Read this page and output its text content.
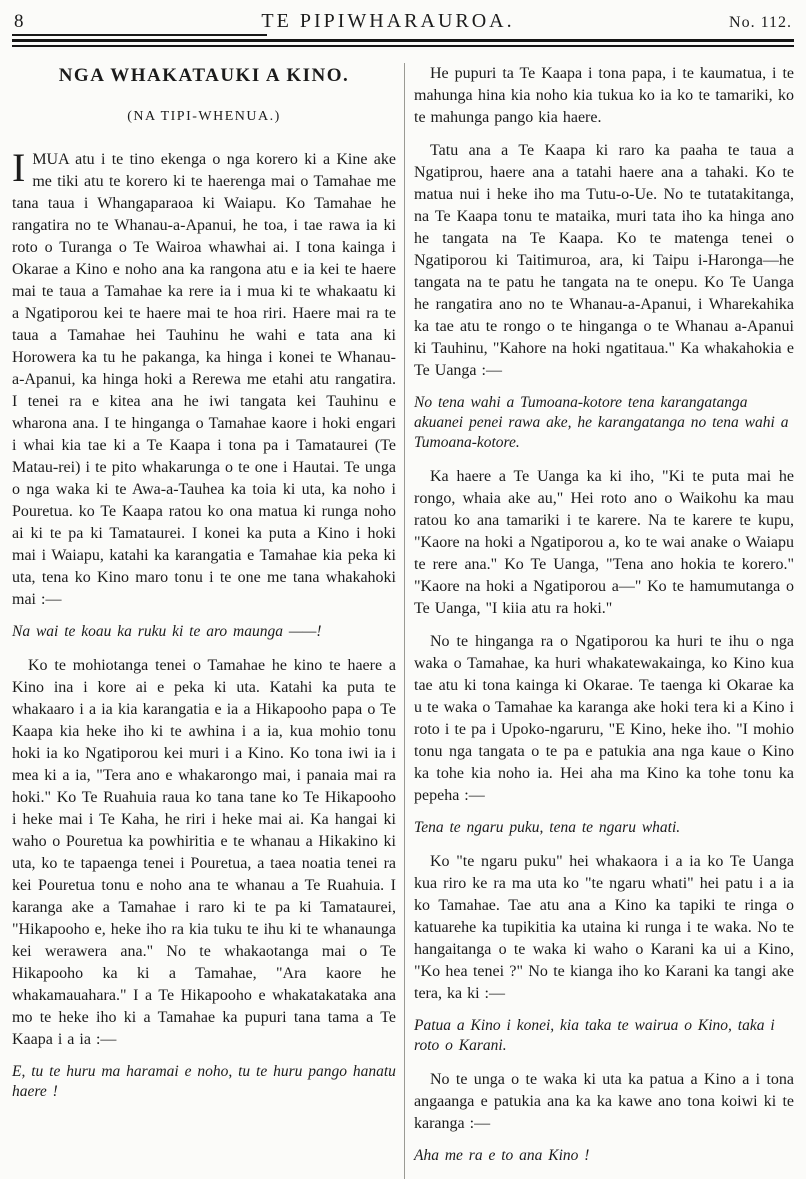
8	TE PIPIWHARAUROA.	No. 112.
NGA WHAKATAUKI A KINO.
(NA TIPI-WHENUA.)

IMUA atu i te tino ekenga o nga korero ki a Kine ake me tiki atu te korero ki te haerenga mai o Tamahae me tana taua i Whangaparaoa ki Waiapu. Ko Tamahae he rangatira no te Whanau-a-Apanui, he toa, i tae rawa ia ki roto o Turanga o Te Wairoa whawhai ai. I tona kainga i Okarae a Kino e noho ana ka rangona atu e ia kei te haere mai te taua a Tamahae ka rere ia i mua ki te whakaatu ki a Ngatiporou kei te haere mai te hoa riri. Haere mai ra te taua a Tamahae hei Tauhinu he wahi e tata ana ki Horowera ka tu he pakanga, ka hinga i konei te Whanau-a-Apanui, ka hinga hoki a Rerewa me etahi atu rangatira. I tenei ra e kitea ana he iwi tangata kei Tauhinu e wharona ana. I te hinganga o Tamahae kaore i hoki engari i whai kia tae ki a Te Kaapa i tona pa i Tamataurei (Te Matau-rei) i te pito whakarunga o te one i Hautai. Te unga o nga waka ki te Awa-a-Tauhea ka toia ki uta, ka noho i Pouretua. ko Te Kaapa ratou ko ona matua ki runga noho ai ki te pa ki Tamataurei. I konei ka puta a Kino i hoki mai i Waiapu, katahi ka karangatia e Tamahae kia peka ki uta, tena ko Kino maro tonu i te one me tana whakahoki mai :—

Na wai te koau ka ruku ki te aro maunga ——!

Ko te mohiotanga tenei o Tamahae he kino te haere a Kino ina i kore ai e peka ki uta. Katahi ka puta te whakaaro i a ia kia karangatia e ia a Hikapooho papa o Te Kaapa kia heke iho ki te awhina i a ia, kua mohio tonu hoki ia ko Ngatiporou kei muri i a Kino. Ko tona iwi ia i mea ki a ia, "Tera ano e whakarongo mai, i panaia mai ra hoki." Ko Te Ruahuia raua ko tana tane ko Te Hikapooho i heke mai i Te Kaha, he riri i heke mai ai. Ka hangai ki waho o Pouretua ka powhiritia e te whanau a Hikakino ki uta, ko te tapaenga tenei i Pouretua, a taea noatia tenei ra kei Pouretua tonu e noho ana te whanau a Te Ruahuia. I karanga ake a Tamahae i raro ki te pa ki Tamataurei, "Hikapooho e, heke iho ra kia tuku te ihu ki te whanaunga kei werawera ana." No te whakaotanga mai o Te Hikapooho ka ki a Tamahae, "Ara kaore he whakamauahara." I a Te Hikapooho e whakatakataka ana mo te heke iho ki a Tamahae ka pupuri tana tama a Te Kaapa i a ia :—

E, tu te huru ma haramai e noho, tu te huru pango hanatu haere !

He pupuri ta Te Kaapa i tona papa, i te kaumatua, i te mahunga hina kia noho kia tukua ko ia ko te tamariki, ko te mahunga pango kia haere.

Tatu ana a Te Kaapa ki raro ka paaha te taua a Ngatiprou, haere ana a tatahi haere ana a tahaki. Ko te matua nui i heke iho ma Tutu-o-Ue. No te tutatakitanga, na Te Kaapa tonu te mataika, muri tata iho ka hinga ano he tangata na Te Kaapa. Ko te matenga tenei o Ngatiporou ki Taitimuroa, ara, ki Taipu i-Haronga—he tangata na te patu he tangata na te onepu. Ko Te Uanga he rangatira ano no te Whanau-a-Apanui, i Wharekahika ka tae atu te rongo o te hinganga o te Whanau a-Apanui ki Tauhinu, "Kahore na hoki ngatitaua." Ka whakahokia e Te Uanga :—

No tena wahi a Tumoana-kotore tena karangatanga akuanei penei rawa ake, he karangatanga no tena wahi a Tumoana-kotore.

Ka haere a Te Uanga ka ki iho, "Ki te puta mai he rongo, whaia ake au," Hei roto ano o Waikohu ka mau ratou ko ana tamariki i te karere. Na te karere te kupu, "Kaore na hoki a Ngatiporou a, ko te wai anake o Waiapu te rere ana." Ko Te Uanga, "Tena ano hokia te korero." "Kaore na hoki a Ngatiporou a—" Ko te hamumutanga o Te Uanga, "I kiia atu ra hoki."

No te hinganga ra o Ngatiporou ka huri te ihu o nga waka o Tamahae, ka huri whakatewakainga, ko Kino kua tae atu ki tona kainga ki Okarae. Te taenga ki Okarae ka u te waka o Tamahae ka karanga ake hoki tera ki a Kino i roto i te pa i Upoko-ngaruru, "E Kino, heke iho. "I mohio tonu nga tangata o te pa e patukia ana nga kaue o Kino ka tohe kia noho ia. Hei aha ma Kino ka tohe tonu ka pepeha :—

Tena te ngaru puku, tena te ngaru whati.

Ko "te ngaru puku" hei whakaora i a ia ko Te Uanga kua riro ke ra ma uta ko "te ngaru whati" hei patu i a ia ko Tamahae. Tae atu ana a Kino ka tapiki te ringa o katuarehe ka tupikitia ka utaina ki runga i te waka. No te hangaitanga o te waka ki waho o Karani ka ui a Kino, "Ko hea tenei ?" No te kianga iho ko Karani ka tangi ake tera, ka ki :—

Patua a Kino i konei, kia taka te wairua o Kino, taka i roto o Karani.

No te unga o te waka ki uta ka patua a Kino a i tona angaanga e patukia ana ka ka kawe ano tona koiwi ki te karanga :—

Aha me ra e to ana Kino !
